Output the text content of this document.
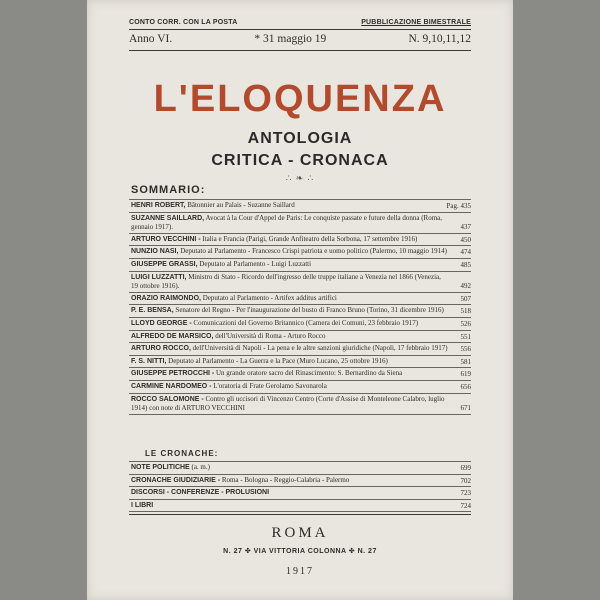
CONTO CORR. CON LA POSTA	PUBBLICAZIONE BIMESTRALE
Anno VI.	* 31 maggio 19	N. 9,10,11,12
L'ELOQUENZA
ANTOLOGIA
CRITICA - CRONACA
∴ ❧ ∴
SOMMARIO:
HENRI ROBERT, Bâtonnier au Palais - Suzanne Saillard	Pag. 435
SUZANNE SAILLARD, Avocat à la Cour d'Appel de Paris: Le conquiste passate e future della donna (Roma, gennaio 1917).	437
ARTURO VECCHINI - Italia e Francia (Parigi, Grande Anfiteatro della Sorbona, 17 settembre 1916)	450
NUNZIO NASI, Deputato al Parlamento - Francesco Crispi patriota e uomo politico (Palermo, 10 maggio 1914) 474
GIUSEPPE GRASSI, Deputato al Parlamento - Luigi Luzzatti	485
LUIGI LUZZATTI, Ministro di Stato - Ricordo dell'ingresso delle truppe italiane a Venezia nel 1866 (Venezia, 19 ottobre 1916).	492
ORAZIO RAIMONDO, Deputato al Parlamento - Artifex additus artifici	507
P. E. BENSA, Senatore del Regno - Per l'inaugurazione del busto di Franco Bruno (Torino, 31 dicembre 1916) 518
LLOYD GEORGE - Comunicazioni del Governo Britannico (Camera dei Comuni, 23 febbraio 1917)	526
ALFREDO DE MARSICO, dell'Università di Roma - Arturo Rocco	551
ARTURO ROCCO, dell'Università di Napoli - La pena e le altre sanzioni giuridiche (Napoli, 17 febbraio 1917) 556
F. S. NITTI, Deputato al Parlamento - La Guerra e la Pace (Muro Lucano, 25 ottobre 1916)	581
GIUSEPPE PETROCCHI - Un grande oratore sacro del Rinascimento: S. Bernardino da Siena	619
CARMINE NARDOMEO - L'oratoria di Frate Gerolamo Savonarola	656
ROCCO SALOMONE - Contro gli uccisori di Vincenzo Centro (Corte d'Assise di Monteleone Calabro, luglio 1914) con note di ARTURO VECCHINI	671
LE CRONACHE:
NOTE POLITICHE (a. m.)	699
CRONACHE GIUDIZIARIE - Roma - Bologna - Reggio-Calabria - Palermo	702
DISCORSI - CONFERENZE - PROLUSIONI	723
I LIBRI	724
ROMA
N. 27 ✤ VIA VITTORIA COLONNA ✤ N. 27
1917
